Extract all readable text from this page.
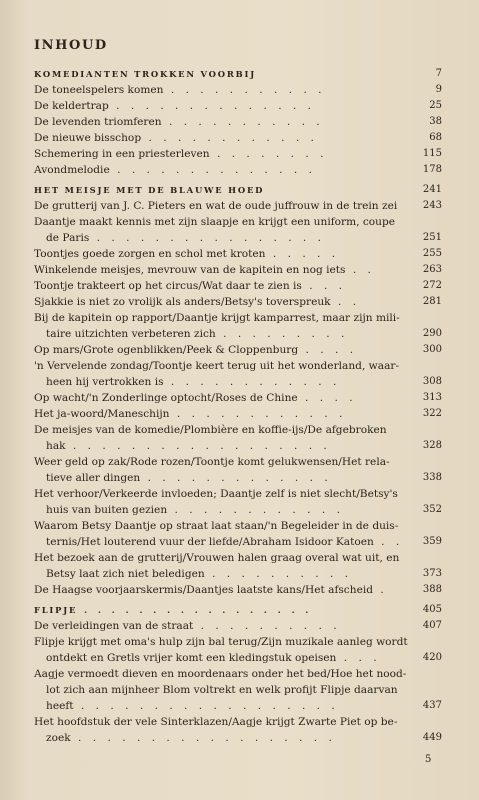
INHOUD
KOMEDIANTEN TROKKEN VOORBIJ	7
De toneelspelers komen . . . . . . . . . . .	9
De keldertrap . . . . . . . . . . . . . .	25
De levenden triomferen . . . . . . . . . . .	38
De nieuwe bisschop . . . . . . . . . . . .	68
Schemering in een priesterleven . . . . . . . .	115
Avondmelodie . . . . . . . . . . . . . .	178
HET MEISJE MET DE BLAUWE HOED	241
De grutterij van J. C. Pieters en wat de oude juffrouw in de trein zei	243
Daantje maakt kennis met zijn slaapje en krijgt een uniform, coupe
de Paris . . . . . . . . . . . . . . . .	251
Toontjes goede zorgen en schol met kroten . . . . .	255
Winkelende meisjes, mevrouw van de kapitein en nog iets . .	263
Toontje trakteert op het circus/Wat daar te zien is . . .	272
Sjakkie is niet zo vrolijk als anders/Betsy's toverspreuk . .	281
Bij de kapitein op rapport/Daantje krijgt kamparrest, maar zijn mili-
taire uitzichten verbeteren zich . . . . . . . . .	290
Op mars/Grote ogenblikken/Peek & Cloppenburg . . . .	300
'n Vervelende zondag/Toontje keert terug uit het wonderland, waar-
heen hij vertrokken is . . . . . . . . . . . .	308
Op wacht/'n Zonderlinge optocht/Roses de Chine . . . .	313
Het ja-woord/Maneschijn . . . . . . . . . . . .	322
De meisjes van de komedie/Plombière en koffie-ijs/De afgebroken
hak . . . . . . . . . . . . . . . . . .	328
Weer geld op zak/Rode rozen/Toontje komt gelukwensen/Het rela-
tieve aller dingen . . . . . . . . . . . . .	338
Het verhoor/Verkeerde invloeden; Daantje zelf is niet slecht/Betsy's
huis van buiten gezien . . . . . . . . . . . .	352
Waarom Betsy Daantje op straat laat staan/'n Begeleider in de duis-
ternis/Het louterend vuur der liefde/Abraham Isidoor Katoen . . 359
Het bezoek aan de grutterij/Vrouwen halen graag overal wat uit, en
Betsy laat zich niet beledigen . . . . . . . . . .	373
De Haagse voorjaarskermis/Daantjes laatste kans/Het afscheid .	388
FLIPJE . . . . . . . . . . . . . . . . .	405
De verleidingen van de straat . . . . . . . . . .	407
Flipje krijgt met oma's hulp zijn bal terug/Zijn muzikale aanleg wordt
ontdekt en Gretls vrijer komt een kledingstuk opeisen . . .	420
Aagje vermoedt dieven en moordenaars onder het bed/Hoe het nood-
lot zich aan mijnheer Blom voltrekt en welk profijt Flipje daarvan
heeft . . . . . . . . . . . . . . . . . .	437
Het hoofdstuk der vele Sinterklazen/Aagje krijgt Zwarte Piet op be-
zoek . . . . . . . . . . . . . . . . . .	449
5
